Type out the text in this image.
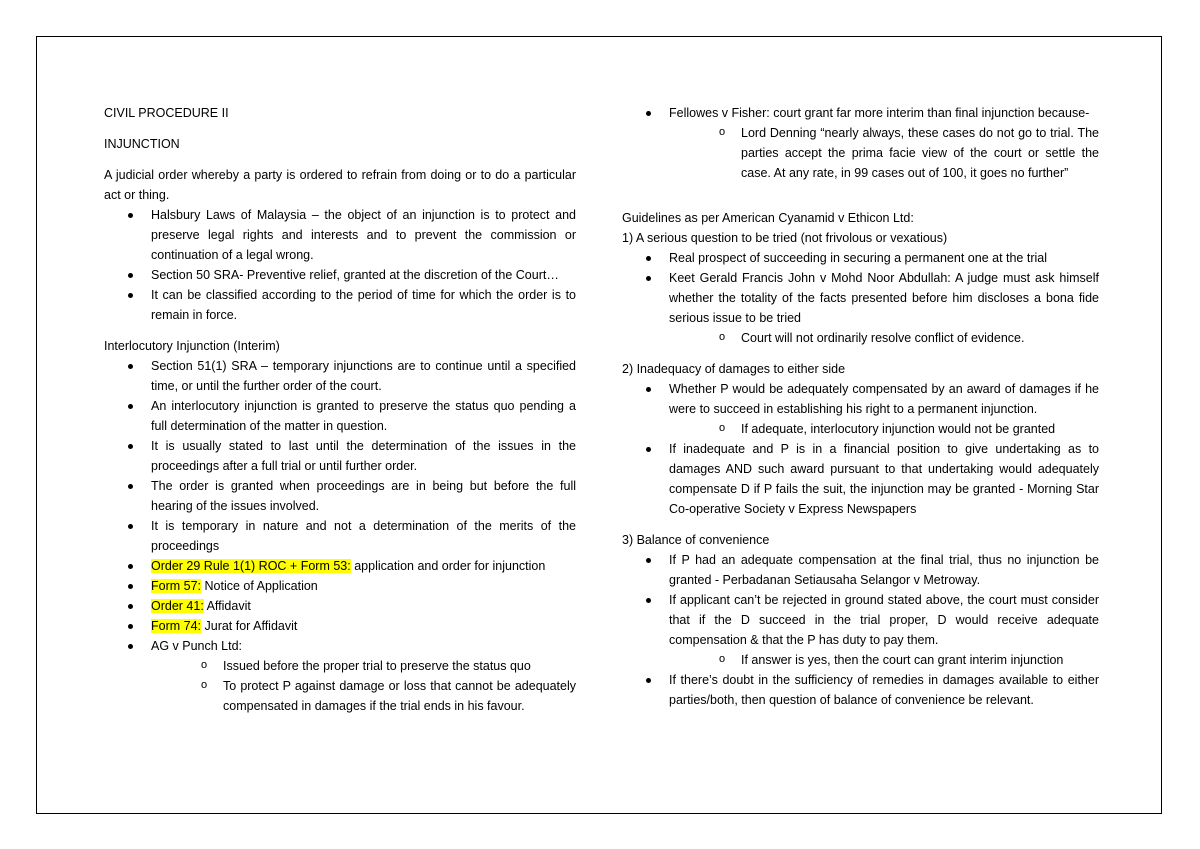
CIVIL PROCEDURE II

INJUNCTION

A judicial order whereby a party is ordered to refrain from doing or to do a particular act or thing.

Halsbury Laws of Malaysia – the object of an injunction is to protect and preserve legal rights and interests and to prevent the commission or continuation of a legal wrong.
Section 50 SRA- Preventive relief, granted at the discretion of the Court…
It can be classified according to the period of time for which the order is to remain in force.

Interlocutory Injunction (Interim)

Section 51(1) SRA – temporary injunctions are to continue until a specified time, or until the further order of the court.
An interlocutory injunction is granted to preserve the status quo pending a full determination of the matter in question.
It is usually stated to last until the determination of the issues in the proceedings after a full trial or until further order.
The order is granted when proceedings are in being but before the full hearing of the issues involved.
It is temporary in nature and not a determination of the merits of the proceedings
Order 29 Rule 1(1) ROC + Form 53: application and order for injunction
Form 57: Notice of Application
Order 41: Affidavit
Form 74: Jurat for Affidavit
AG v Punch Ltd:
o Issued before the proper trial to preserve the status quo
o To protect P against damage or loss that cannot be adequately compensated in damages if the trial ends in his favour.
Fellowes v Fisher: court grant far more interim than final injunction because-
o Lord Denning “nearly always, these cases do not go to trial. The parties accept the prima facie view of the court or settle the case. At any rate, in 99 cases out of 100, it goes no further”

Guidelines as per American Cyanamid v Ethicon Ltd:

1) A serious question to be tried (not frivolous or vexatious)

Real prospect of succeeding in securing a permanent one at the trial
Keet Gerald Francis John v Mohd Noor Abdullah: A judge must ask himself whether the totality of the facts presented before him discloses a bona fide serious issue to be tried
o Court will not ordinarily resolve conflict of evidence.

2) Inadequacy of damages to either side

Whether P would be adequately compensated by an award of damages if he were to succeed in establishing his right to a permanent injunction.
o If adequate, interlocutory injunction would not be granted
If inadequate and P is in a financial position to give undertaking as to damages AND such award pursuant to that undertaking would adequately compensate D if P fails the suit, the injunction may be granted - Morning Star Co-operative Society v Express Newspapers

3) Balance of convenience

If P had an adequate compensation at the final trial, thus no injunction be granted - Perbadanan Setiausaha Selangor v Metroway.
If applicant can’t be rejected in ground stated above, the court must consider that if the D succeed in the trial proper, D would receive adequate compensation & that the P has duty to pay them.
o If answer is yes, then the court can grant interim injunction
If there’s doubt in the sufficiency of remedies in damages available to either parties/both, then question of balance of convenience be relevant.
